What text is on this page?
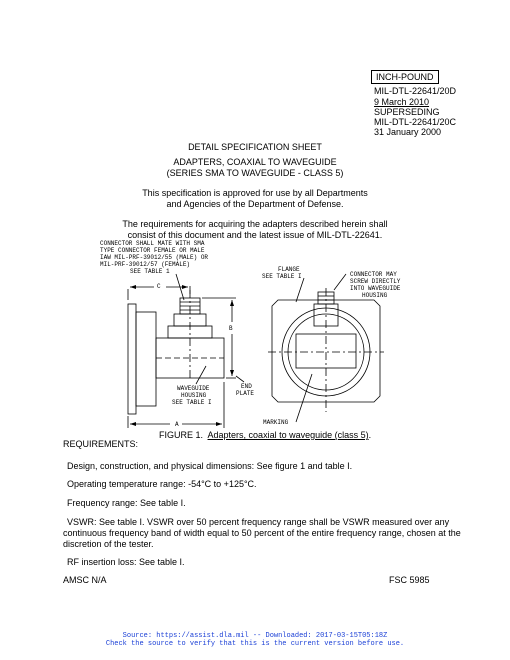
INCH-POUND
MIL-DTL-22641/20D
9 March 2010
SUPERSEDING
MIL-DTL-22641/20C
31 January 2000
DETAIL SPECIFICATION SHEET
ADAPTERS, COAXIAL TO WAVEGUIDE
(SERIES SMA TO WAVEGUIDE - CLASS 5)
This specification is approved for use by all Departments
and Agencies of the Department of Defense.
The requirements for acquiring the adapters described herein shall
consist of this document and the latest issue of MIL-DTL-22641.
CONNECTOR SHALL MATE WITH SMA
TYPE CONNECTOR FEMALE OR MALE
IAW MIL-PRF-39012/55 (MALE) OR
MIL-PRF-39012/57 (FEMALE)
SEE TABLE 1	FLANGE
SEE TABLE I	CONNECTOR MAY
SCREW DIRECTLY
INTO WAVEGUIDE
HOUSING
WAVEGUIDE
HOUSING
SEE TABLE I
END
PLATE
MARKING
C
B
A
FIGURE 1. Adapters, coaxial to waveguide (class 5).
REQUIREMENTS:
Design, construction, and physical dimensions: See figure 1 and table I.
Operating temperature range: -54°C to +125°C.
Frequency range: See table I.
VSWR: See table I. VSWR over 50 percent frequency range shall be VSWR measured over any
continuous frequency band of width equal to 50 percent of the entire frequency range, chosen at the
discretion of the tester.
RF insertion loss: See table I.
AMSC N/A	FSC 5985
Source: https://assist.dla.mil -- Downloaded: 2017-03-15T05:18Z
Check the source to verify that this is the current version before use.
